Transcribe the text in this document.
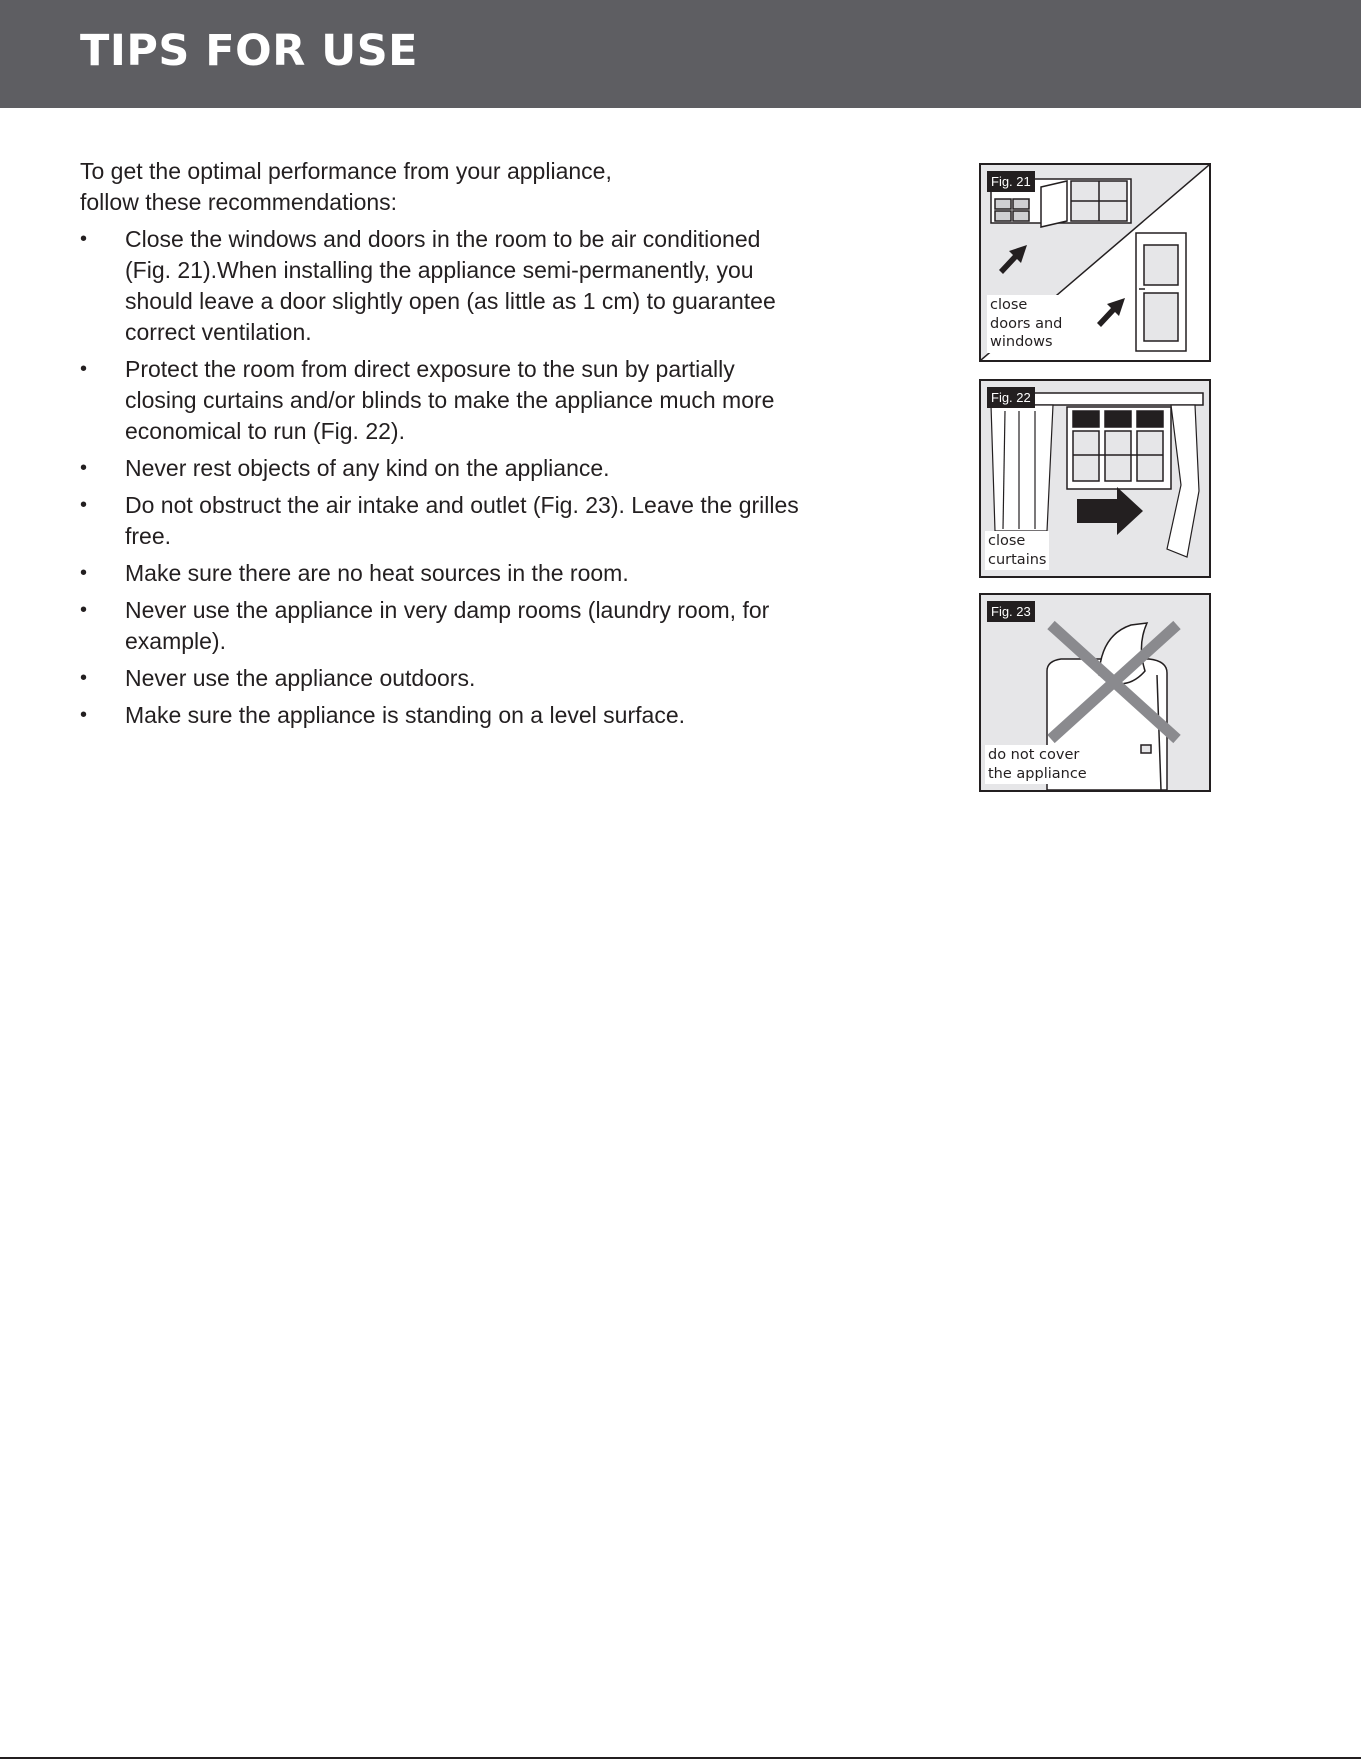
TIPS FOR USE

To get the optimal performance from your appliance,
follow these recommendations:

•	Close the windows and doors in the room to be air conditioned (Fig. 21).When installing the appliance semi-permanently, you should leave a door slightly open (as little as 1 cm) to guarantee correct ventilation.
•	Protect the room from direct exposure to the sun by partially closing curtains and/or blinds to make the appliance much more economical to run (Fig. 22).
•	Never rest objects of any kind on the appliance.
•	Do not obstruct the air intake and outlet (Fig. 23). Leave the grilles free.
•	Make sure there are no heat sources in the room.
•	Never use the appliance in very damp rooms (laundry room, for example).
•	Never use the appliance outdoors.
•	Make sure the appliance is standing on a level surface.
Fig. 21
close
doors and
windows
Fig. 22
close
curtains
Fig. 23
do not cover
the appliance
